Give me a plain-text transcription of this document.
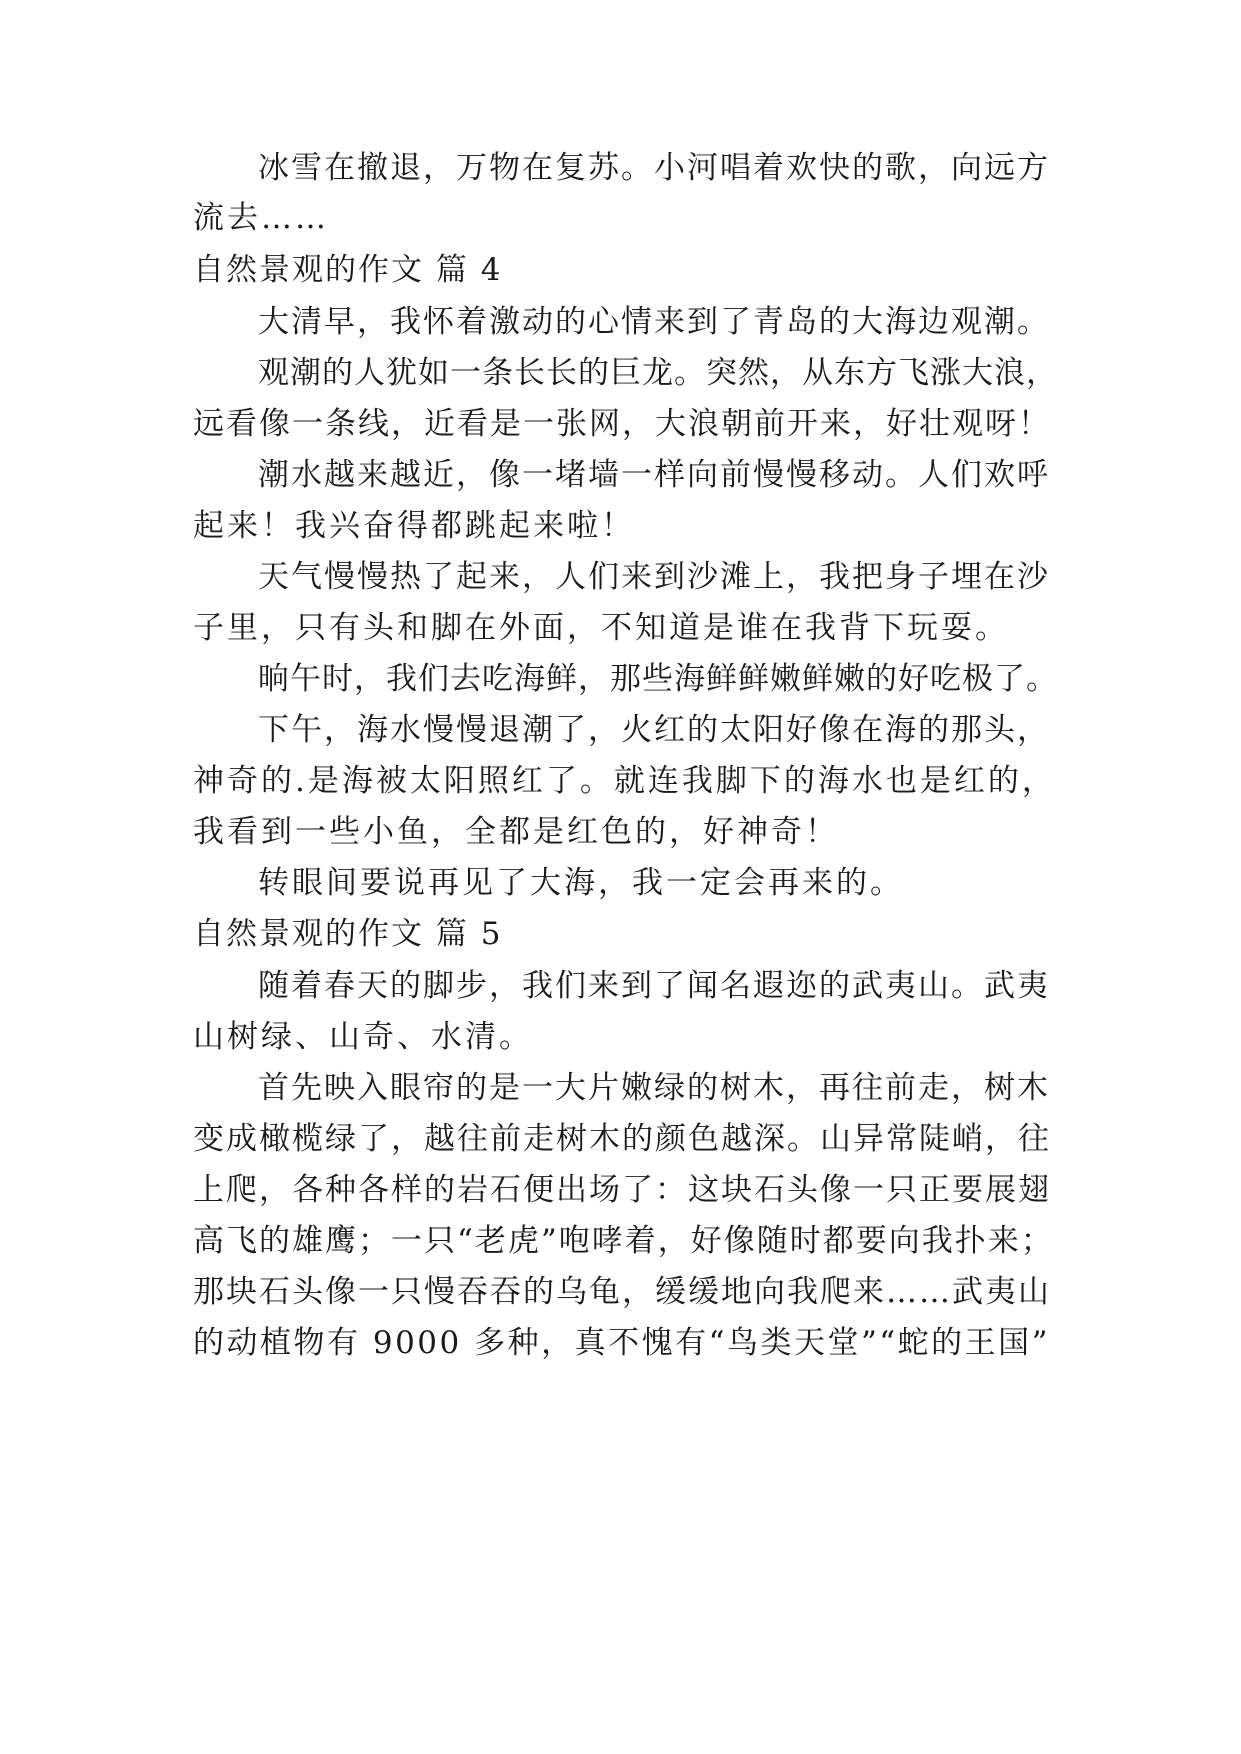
冰雪在撤退，万物在复苏。小河唱着欢快的歌，向远方
流去……
自然景观的作文 篇 4
大清早，我怀着激动的心情来到了青岛的大海边观潮。
观潮的人犹如一条长长的巨龙。突然，从东方飞涨大浪，
远看像一条线，近看是一张网，大浪朝前开来，好壮观呀！
潮水越来越近，像一堵墙一样向前慢慢移动。人们欢呼
起来！我兴奋得都跳起来啦！
天气慢慢热了起来，人们来到沙滩上，我把身子埋在沙
子里，只有头和脚在外面，不知道是谁在我背下玩耍。
晌午时，我们去吃海鲜，那些海鲜鲜嫩鲜嫩的好吃极了。
下午，海水慢慢退潮了，火红的太阳好像在海的那头，
神奇的.是海被太阳照红了。就连我脚下的海水也是红的，
我看到一些小鱼，全都是红色的，好神奇！
转眼间要说再见了大海，我一定会再来的。
自然景观的作文 篇 5
随着春天的脚步，我们来到了闻名遐迩的武夷山。武夷
山树绿、山奇、水清。
首先映入眼帘的是一大片嫩绿的树木，再往前走，树木
变成橄榄绿了，越往前走树木的颜色越深。山异常陡峭，往
上爬，各种各样的岩石便出场了：这块石头像一只正要展翅
高飞的雄鹰；一只“老虎”咆哮着，好像随时都要向我扑来；
那块石头像一只慢吞吞的乌龟，缓缓地向我爬来……武夷山
的动植物有 9000 多种，真不愧有“鸟类天堂”“蛇的王国”
